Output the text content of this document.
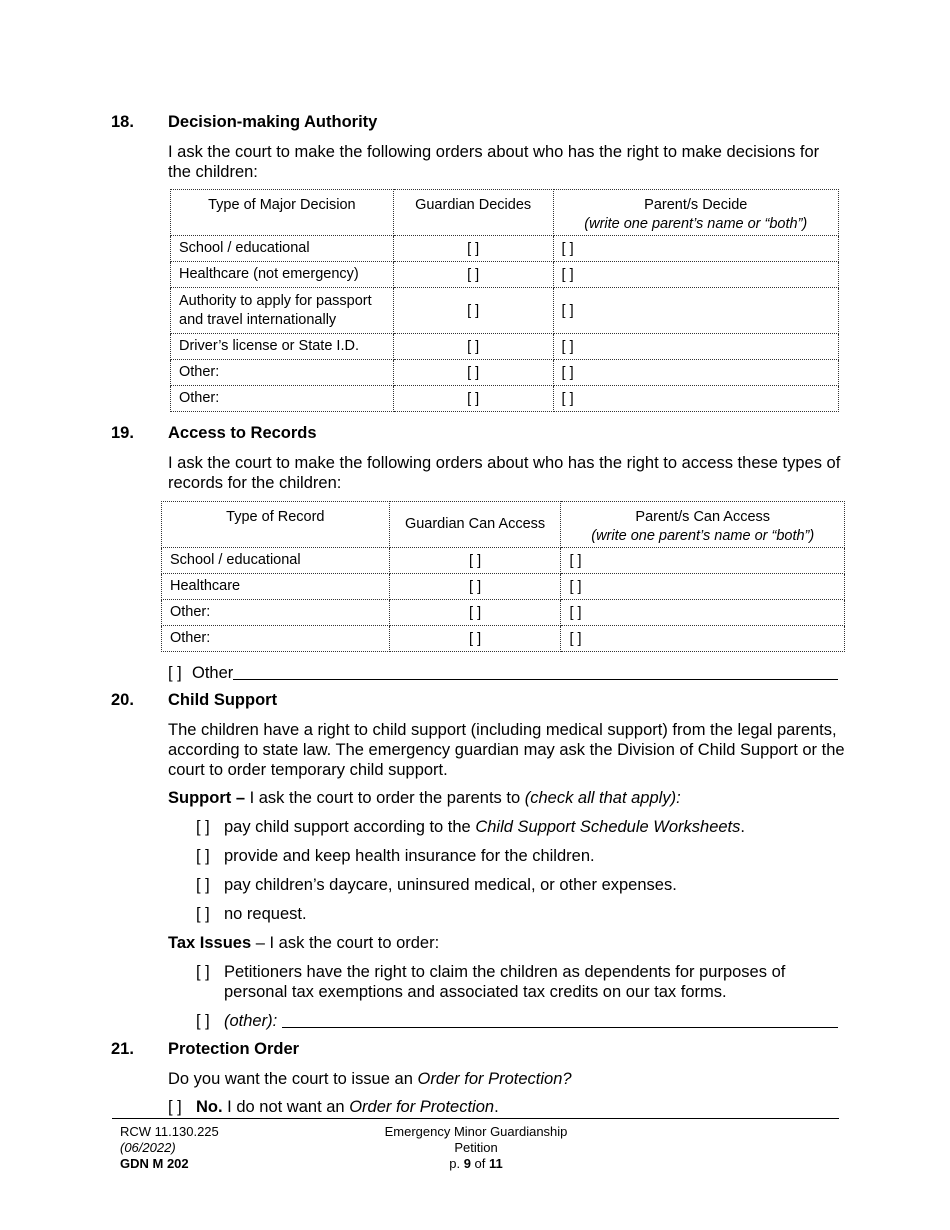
18. Decision-making Authority
I ask the court to make the following orders about who has the right to make decisions for the children:
Type of Major Decision	Guardian Decides	Parent/s Decide
(write one parent’s name or “both”)

School / educational	[ ]	[ ]
Healthcare (not emergency)	[ ]	[ ]
Authority to apply for passport and travel internationally	[ ]	[ ]
Driver’s license or State I.D.	[ ]	[ ]
Other:	[ ]	[ ]
Other:	[ ]	[ ]
19. Access to Records
I ask the court to make the following orders about who has the right to access these types of records for the children:
Type of Record	Guardian Can Access	Parent/s Can Access
(write one parent’s name or “both”)

School / educational	[ ]	[ ]
Healthcare	[ ]	[ ]
Other:	[ ]	[ ]
Other:	[ ]	[ ]
[ ] Other
20. Child Support
The children have a right to child support (including medical support) from the legal parents, according to state law. The emergency guardian may ask the Division of Child Support or the court to order temporary child support.
Support – I ask the court to order the parents to (check all that apply):
[ ] pay child support according to the Child Support Schedule Worksheets.
[ ] provide and keep health insurance for the children.
[ ] pay children’s daycare, uninsured medical, or other expenses.
[ ] no request.
Tax Issues – I ask the court to order:
[ ] Petitioners have the right to claim the children as dependents for purposes of personal tax exemptions and associated tax credits on our tax forms.
[ ] (other):
21. Protection Order
Do you want the court to issue an Order for Protection?
[ ] No. I do not want an Order for Protection.
RCW 11.130.225
(06/2022)
GDN M 202
Emergency Minor Guardianship
Petition
p. 9 of 11
